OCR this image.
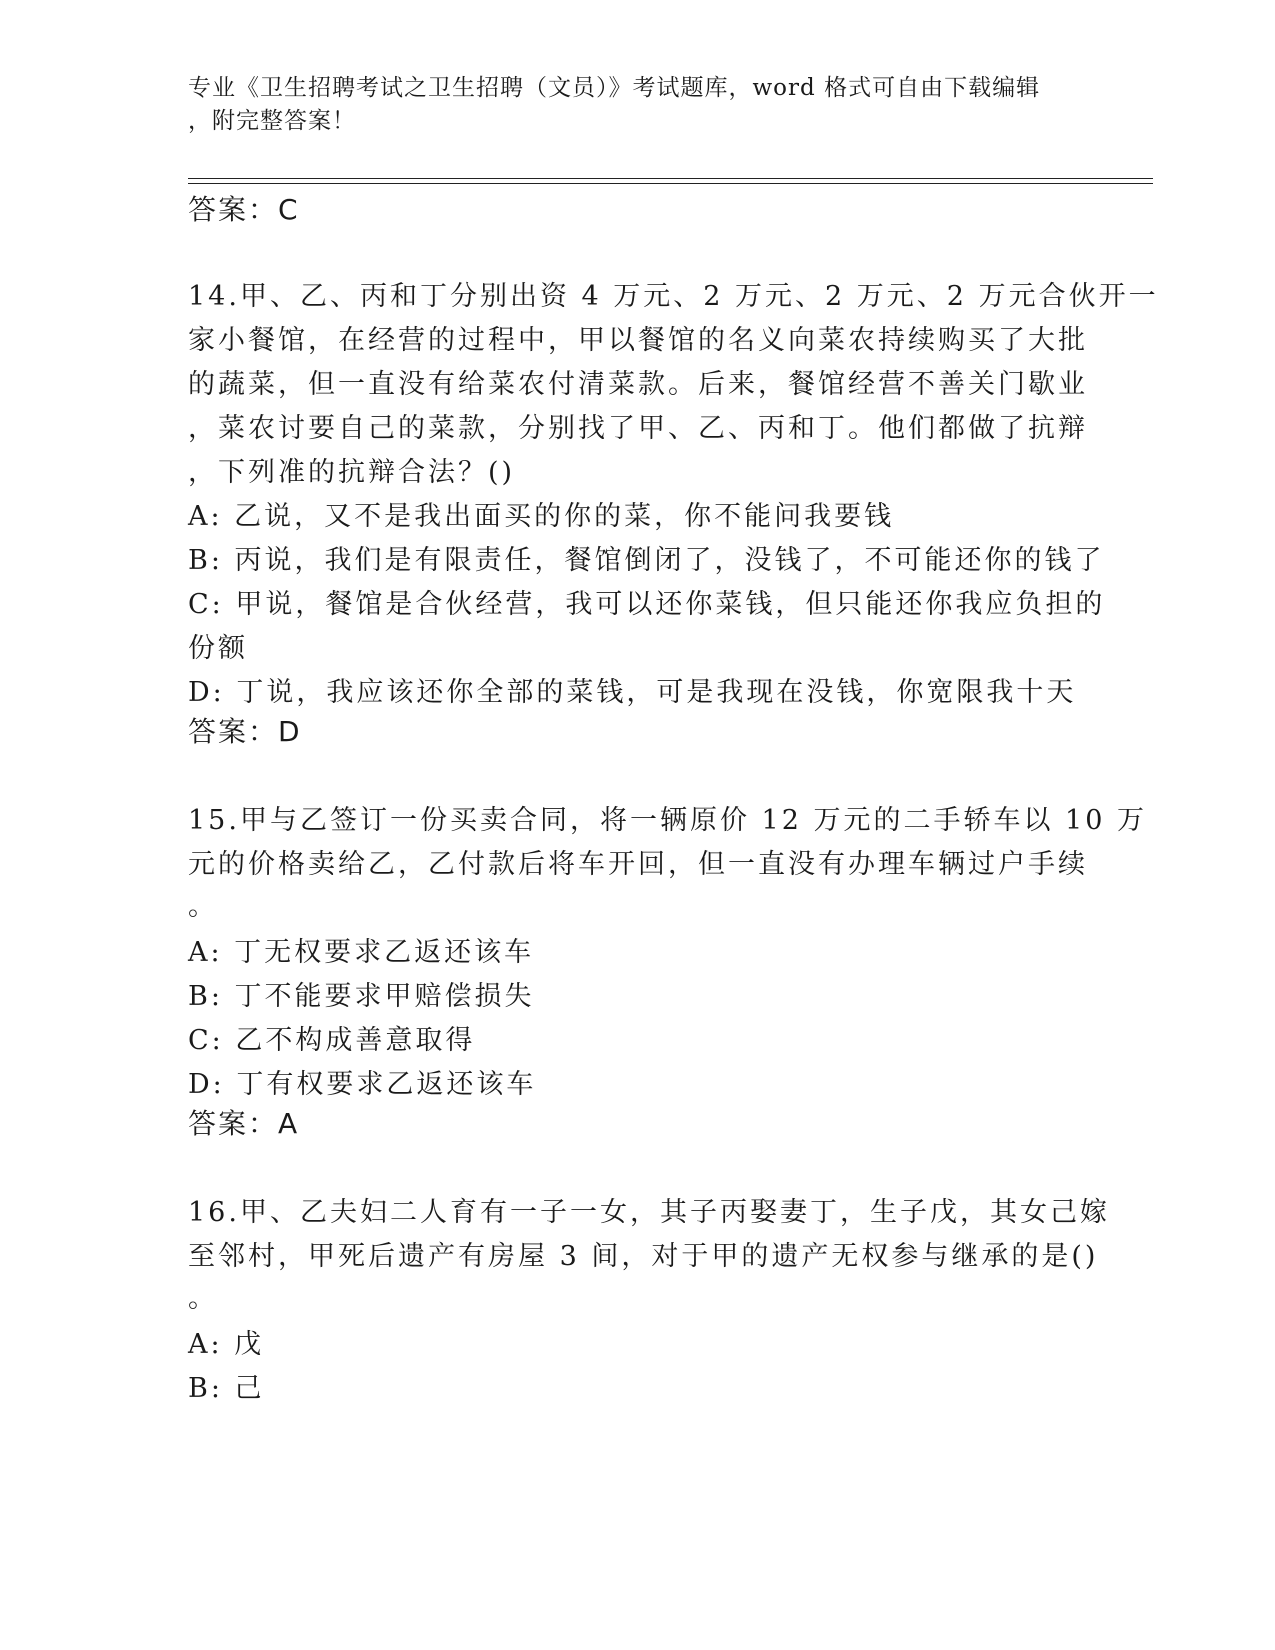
专业《卫生招聘考试之卫生招聘（文员）》考试题库，word 格式可自由下载编辑
，附完整答案！
答案：C
14.甲、乙、丙和丁分别出资 4 万元、2 万元、2 万元、2 万元合伙开一
家小餐馆，在经营的过程中，甲以餐馆的名义向菜农持续购买了大批
的蔬菜，但一直没有给菜农付清菜款。后来，餐馆经营不善关门歇业
，菜农讨要自己的菜款，分别找了甲、乙、丙和丁。他们都做了抗辩
，下列准的抗辩合法？()
A: 乙说，又不是我出面买的你的菜，你不能问我要钱
B: 丙说，我们是有限责任，餐馆倒闭了，没钱了，不可能还你的钱了
C: 甲说，餐馆是合伙经营，我可以还你菜钱，但只能还你我应负担的
份额
D: 丁说，我应该还你全部的菜钱，可是我现在没钱，你宽限我十天
答案：D
15.甲与乙签订一份买卖合同，将一辆原价 12 万元的二手轿车以 10 万
元的价格卖给乙，乙付款后将车开回，但一直没有办理车辆过户手续
。
A: 丁无权要求乙返还该车
B: 丁不能要求甲赔偿损失
C: 乙不构成善意取得
D: 丁有权要求乙返还该车
答案：A
16.甲、乙夫妇二人育有一子一女，其子丙娶妻丁，生子戊，其女己嫁
至邻村，甲死后遗产有房屋 3 间，对于甲的遗产无权参与继承的是()
。
A: 戊
B: 己
